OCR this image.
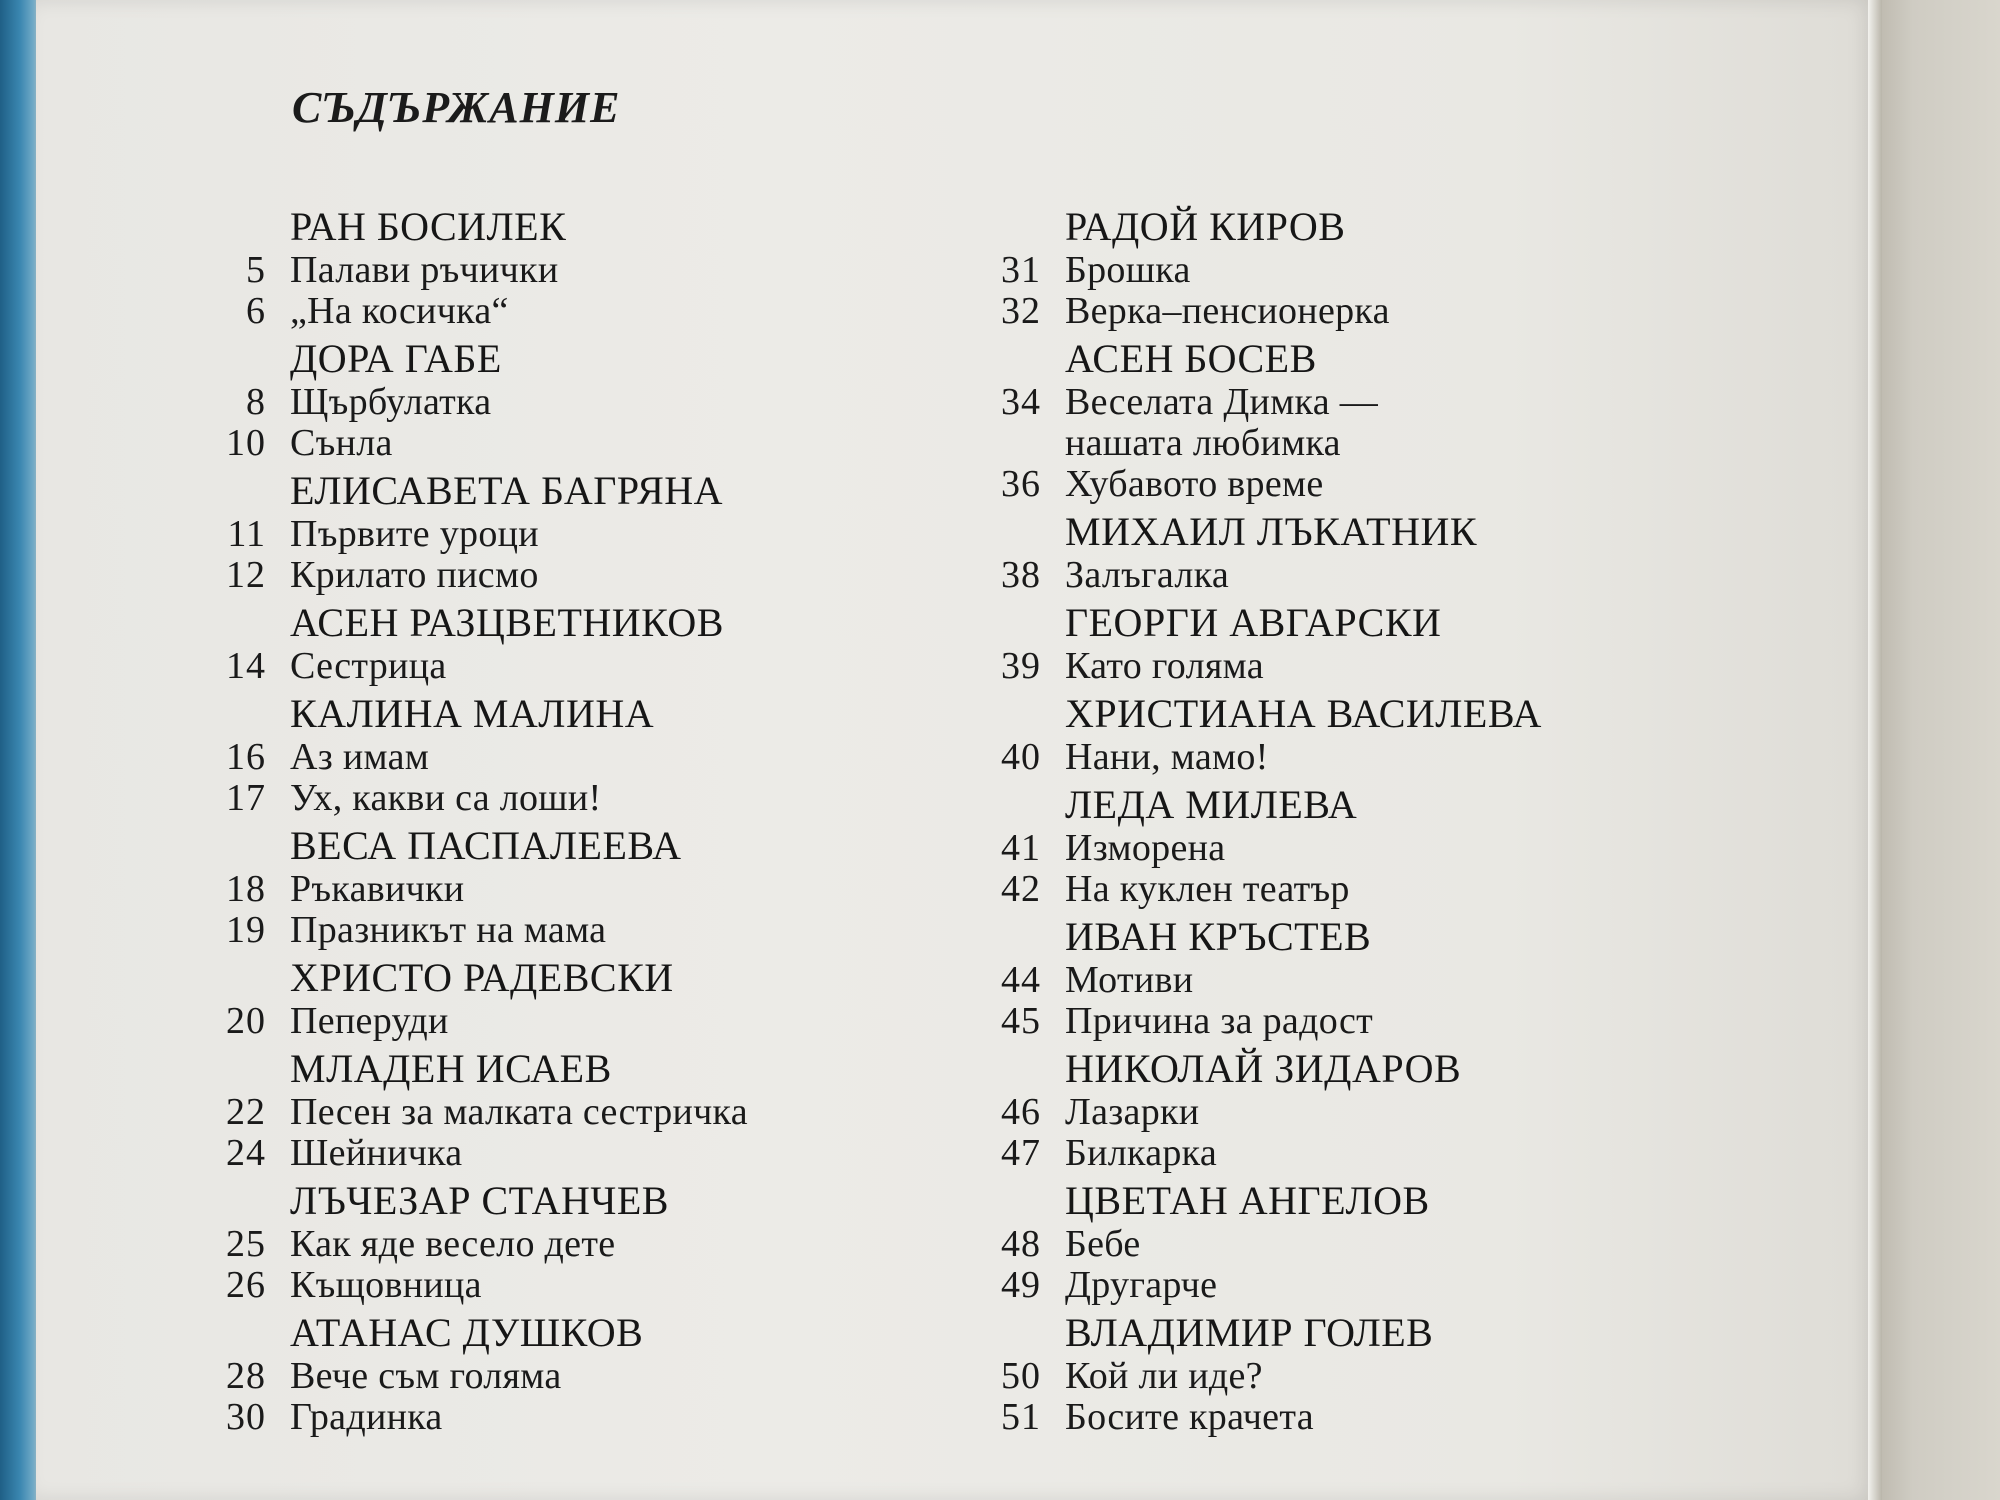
СЪДЪРЖАНИЕ
РАН БОСИЛЕК
5 Палави ръчички
6 „На косичка“
ДОРА ГАБЕ
8 Щърбулатка
10 Сънла
ЕЛИСАВЕТА БАГРЯНА
11 Първите уроци
12 Крилато писмо
АСЕН РАЗЦВЕТНИКОВ
14 Сестрица
КАЛИНА МАЛИНА
16 Аз имам
17 Ух, какви са лоши!
ВЕСА ПАСПАЛЕЕВА
18 Ръкавички
19 Празникът на мама
ХРИСТО РАДЕВСКИ
20 Пеперуди
МЛАДЕН ИСАЕВ
22 Песен за малката сестричка
24 Шейничка
ЛЪЧЕЗАР СТАНЧЕВ
25 Как яде весело дете
26 Къщовница
АТАНАС ДУШКОВ
28 Вече съм голяма
30 Градинка
РАДОЙ КИРОВ
31 Брошка
32 Верка–пенсионерка
АСЕН БОСЕВ
34 Веселата Димка —
нашата любимка
36 Хубавото време
МИХАИЛ ЛЪКАТНИК
38 Залъгалка
ГЕОРГИ АВГАРСКИ
39 Като голяма
ХРИСТИАНА ВАСИЛЕВА
40 Нани, мамо!
ЛЕДА МИЛЕВА
41 Изморена
42 На куклен театър
ИВАН КРЪСТЕВ
44 Мотиви
45 Причина за радост
НИКОЛАЙ ЗИДАРОВ
46 Лазарки
47 Билкарка
ЦВЕТАН АНГЕЛОВ
48 Бебе
49 Другарче
ВЛАДИМИР ГОЛЕВ
50 Кой ли иде?
51 Босите крачета
